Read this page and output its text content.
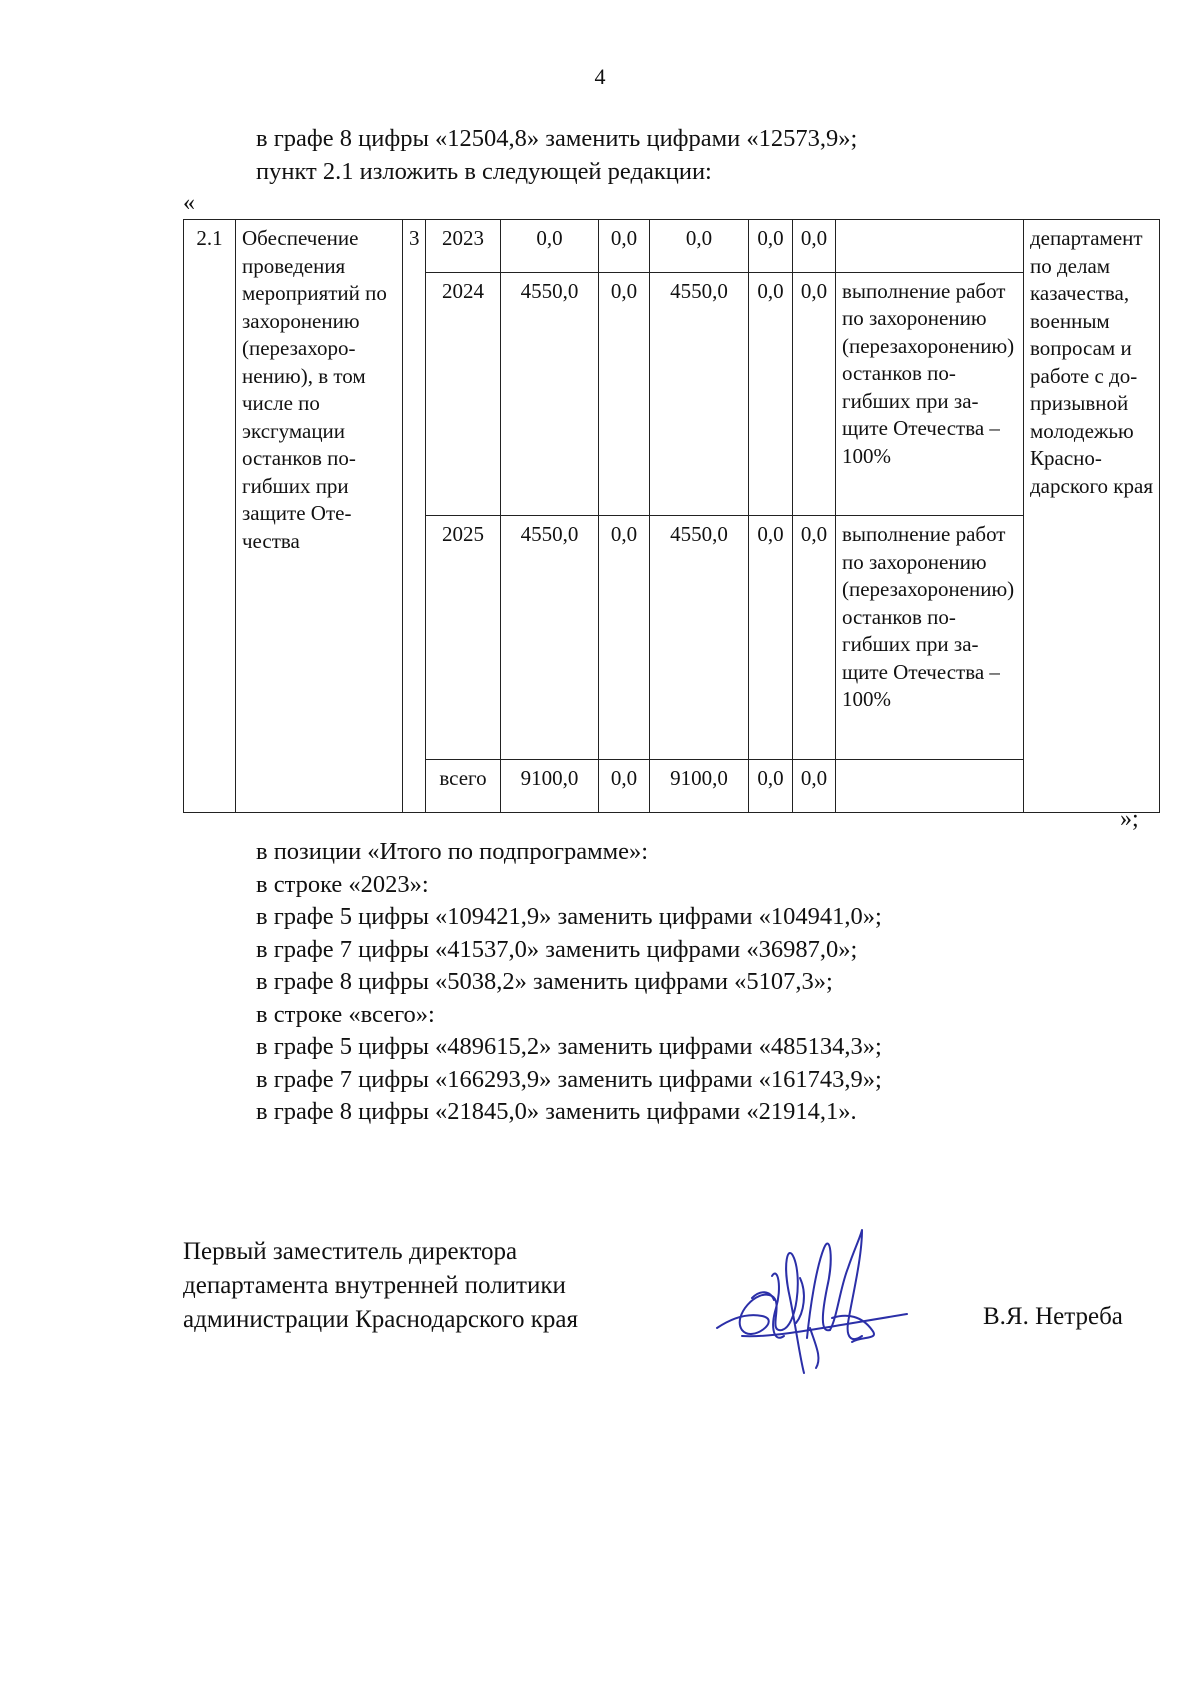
4
в графе 8 цифры «12504,8» заменить цифрами «12573,9»;
пункт 2.1 изложить в следующей редакции:
«
2.1	Обеспечение проведения мероприятий по захоронению (перезахоронению), в том числе по эксгумации останков погибших при защите Отечества	3	2023	0,0	0,0	0,0	0,0	0,0		департамент по делам казачества, военным вопросам и работе с допризывной молодежью Краснодарского края
			2024	4550,0	0,0	4550,0	0,0	0,0	выполнение работ по захоронению (перезахоронению) останков погибших при защите Отечества – 100%	
			2025	4550,0	0,0	4550,0	0,0	0,0	выполнение работ по захоронению (перезахоронению) останков погибших при защите Отечества – 100%	
			всего	9100,0	0,0	9100,0	0,0	0,0		
»;
в позиции «Итого по подпрограмме»:
в строке «2023»:
в графе 5 цифры «109421,9» заменить цифрами «104941,0»;
в графе 7 цифры «41537,0» заменить цифрами «36987,0»;
в графе 8 цифры «5038,2» заменить цифрами «5107,3»;
в строке «всего»:
в графе 5 цифры «489615,2» заменить цифрами «485134,3»;
в графе 7 цифры «166293,9» заменить цифрами «161743,9»;
в графе 8 цифры «21845,0» заменить цифрами «21914,1».
Первый заместитель директора
департамента внутренней политики
администрации Краснодарского края	В.Я. Нетреба
